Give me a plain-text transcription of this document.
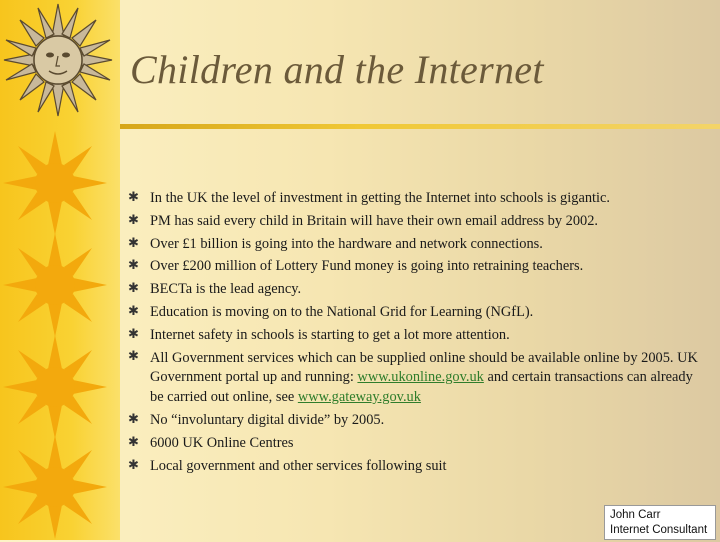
Children and the Internet
✱ In the UK the level of investment in getting the Internet into schools is gigantic.
✱ PM has said every child in Britain will have their own email address by 2002.
✱ Over £1 billion is going into the hardware and network connections.
✱ Over £200 million of Lottery Fund money is going into retraining teachers.
✱ BECTa is the lead agency.
✱ Education is moving on to the National Grid for Learning (NGfL).
✱ Internet safety in schools is starting to get a lot more attention.
✱ All Government services which can be supplied online should be available online by 2005. UK Government portal up and running: www.ukonline.gov.uk and certain transactions can already be carried out online, see www.gateway.gov.uk
✱ No “involuntary digital divide” by 2005.
✱ 6000 UK Online Centres
✱ Local government and other services following suit
John Carr
Internet Consultant
